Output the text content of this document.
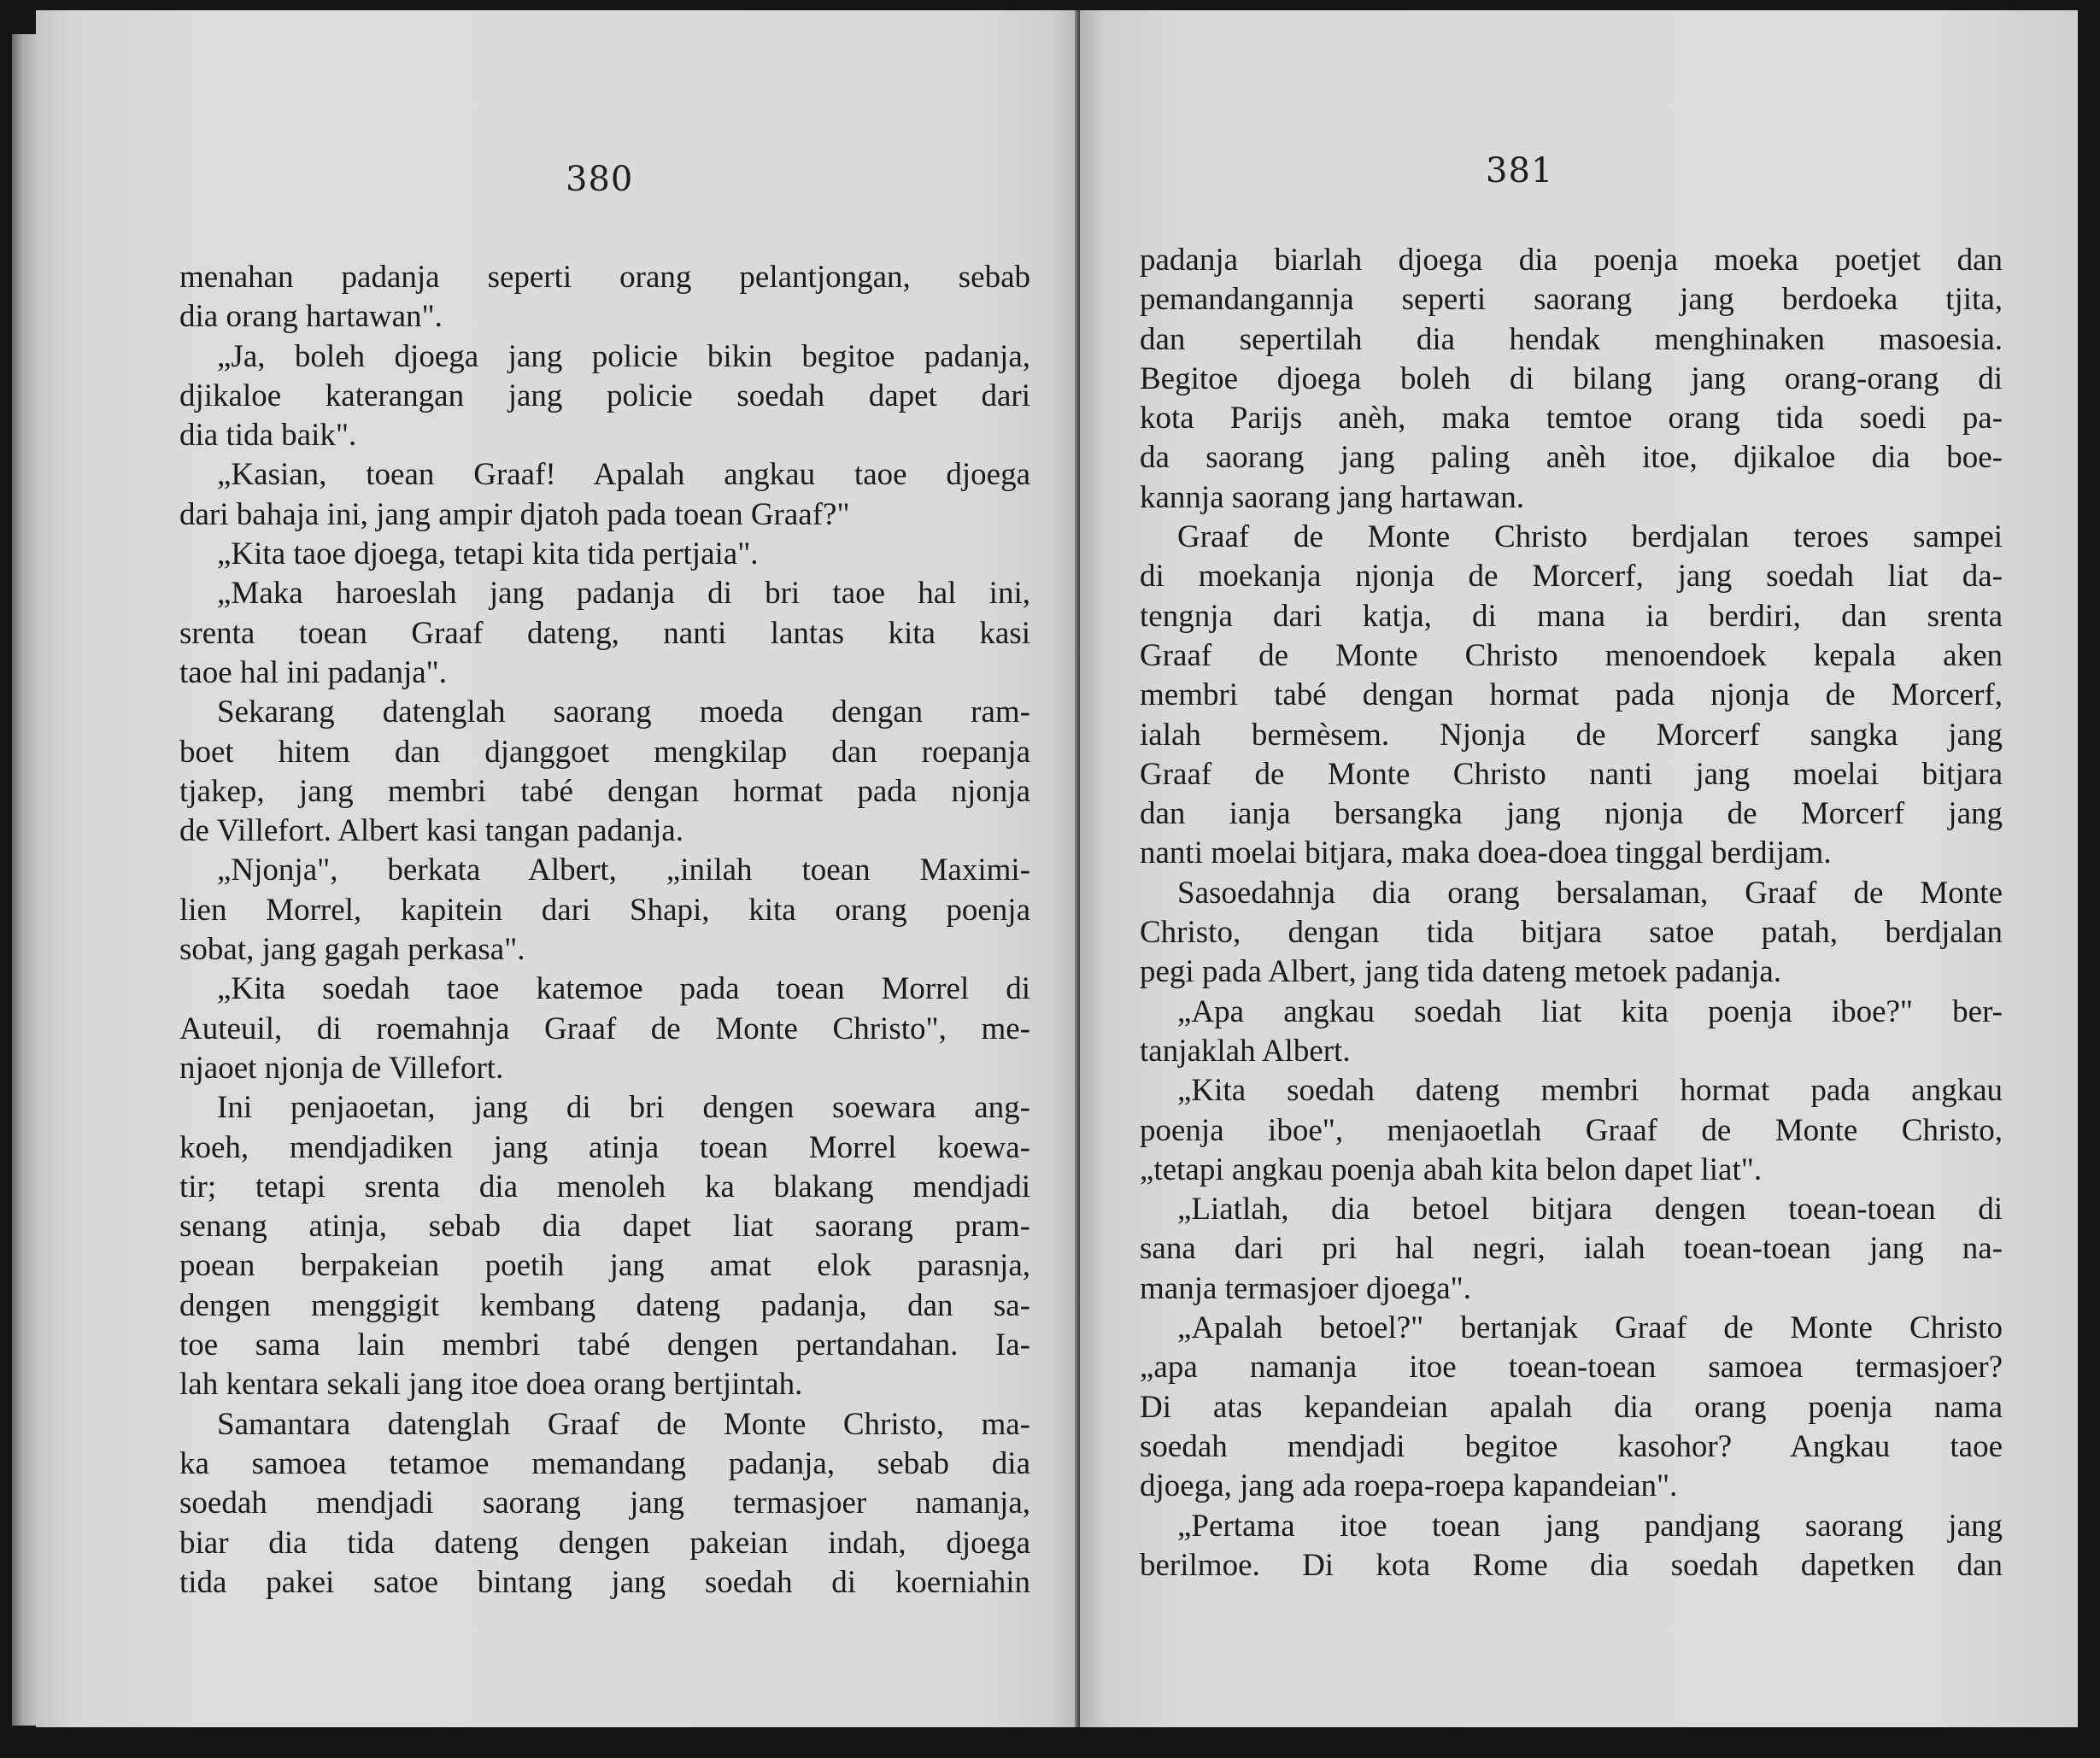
380
menahan padanja seperti orang pelantjongan, sebab
dia orang hartawan".
„Ja, boleh djoega jang policie bikin begitoe padanja,
djikaloe katerangan jang policie soedah dapet dari
dia tida baik".
„Kasian, toean Graaf! Apalah angkau taoe djoega
dari bahaja ini, jang ampir djatoh pada toean Graaf?"
„Kita taoe djoega, tetapi kita tida pertjaia".
„Maka haroeslah jang padanja di bri taoe hal ini,
srenta toean Graaf dateng, nanti lantas kita kasi
taoe hal ini padanja".
Sekarang datenglah saorang moeda dengan ram-
boet hitem dan djanggoet mengkilap dan roepanja
tjakep, jang membri tabé dengan hormat pada njonja
de Villefort. Albert kasi tangan padanja.
„Njonja", berkata Albert, „inilah toean Maximi-
lien Morrel, kapitein dari Shapi, kita orang poenja
sobat, jang gagah perkasa".
„Kita soedah taoe katemoe pada toean Morrel di
Auteuil, di roemahnja Graaf de Monte Christo", me-
njaoet njonja de Villefort.
Ini penjaoetan, jang di bri dengen soewara ang-
koeh, mendjadiken jang atinja toean Morrel koewa-
tir; tetapi srenta dia menoleh ka blakang mendjadi
senang atinja, sebab dia dapet liat saorang pram-
poean berpakeian poetih jang amat elok parasnja,
dengen menggigit kembang dateng padanja, dan sa-
toe sama lain membri tabé dengen pertandahan. Ia-
lah kentara sekali jang itoe doea orang bertjintah.
Samantara datenglah Graaf de Monte Christo, ma-
ka samoea tetamoe memandang padanja, sebab dia
soedah mendjadi saorang jang termasjoer namanja,
biar dia tida dateng dengen pakeian indah, djoega
tida pakei satoe bintang jang soedah di koerniahin
381
padanja biarlah djoega dia poenja moeka poetjet dan
pemandangannja seperti saorang jang berdoeka tjita,
dan sepertilah dia hendak menghinaken masoesia.
Begitoe djoega boleh di bilang jang orang-orang di
kota Parijs anèh, maka temtoe orang tida soedi pa-
da saorang jang paling anèh itoe, djikaloe dia boe-
kannja saorang jang hartawan.
Graaf de Monte Christo berdjalan teroes sampei
di moekanja njonja de Morcerf, jang soedah liat da-
tengnja dari katja, di mana ia berdiri, dan srenta
Graaf de Monte Christo menoendoek kepala aken
membri tabé dengan hormat pada njonja de Morcerf,
ialah bermèsem. Njonja de Morcerf sangka jang
Graaf de Monte Christo nanti jang moelai bitjara
dan ianja bersangka jang njonja de Morcerf jang
nanti moelai bitjara, maka doea-doea tinggal berdijam.
Sasoedahnja dia orang bersalaman, Graaf de Monte
Christo, dengan tida bitjara satoe patah, berdjalan
pegi pada Albert, jang tida dateng metoek padanja.
„Apa angkau soedah liat kita poenja iboe?" ber-
tanjaklah Albert.
„Kita soedah dateng membri hormat pada angkau
poenja iboe", menjaoetlah Graaf de Monte Christo,
„tetapi angkau poenja abah kita belon dapet liat".
„Liatlah, dia betoel bitjara dengen toean-toean di
sana dari pri hal negri, ialah toean-toean jang na-
manja termasjoer djoega".
„Apalah betoel?" bertanjak Graaf de Monte Christo
„apa namanja itoe toean-toean samoea termasjoer?
Di atas kepandeian apalah dia orang poenja nama
soedah mendjadi begitoe kasohor? Angkau taoe
djoega, jang ada roepa-roepa kapandeian".
„Pertama itoe toean jang pandjang saorang jang
berilmoe. Di kota Rome dia soedah dapetken dan
